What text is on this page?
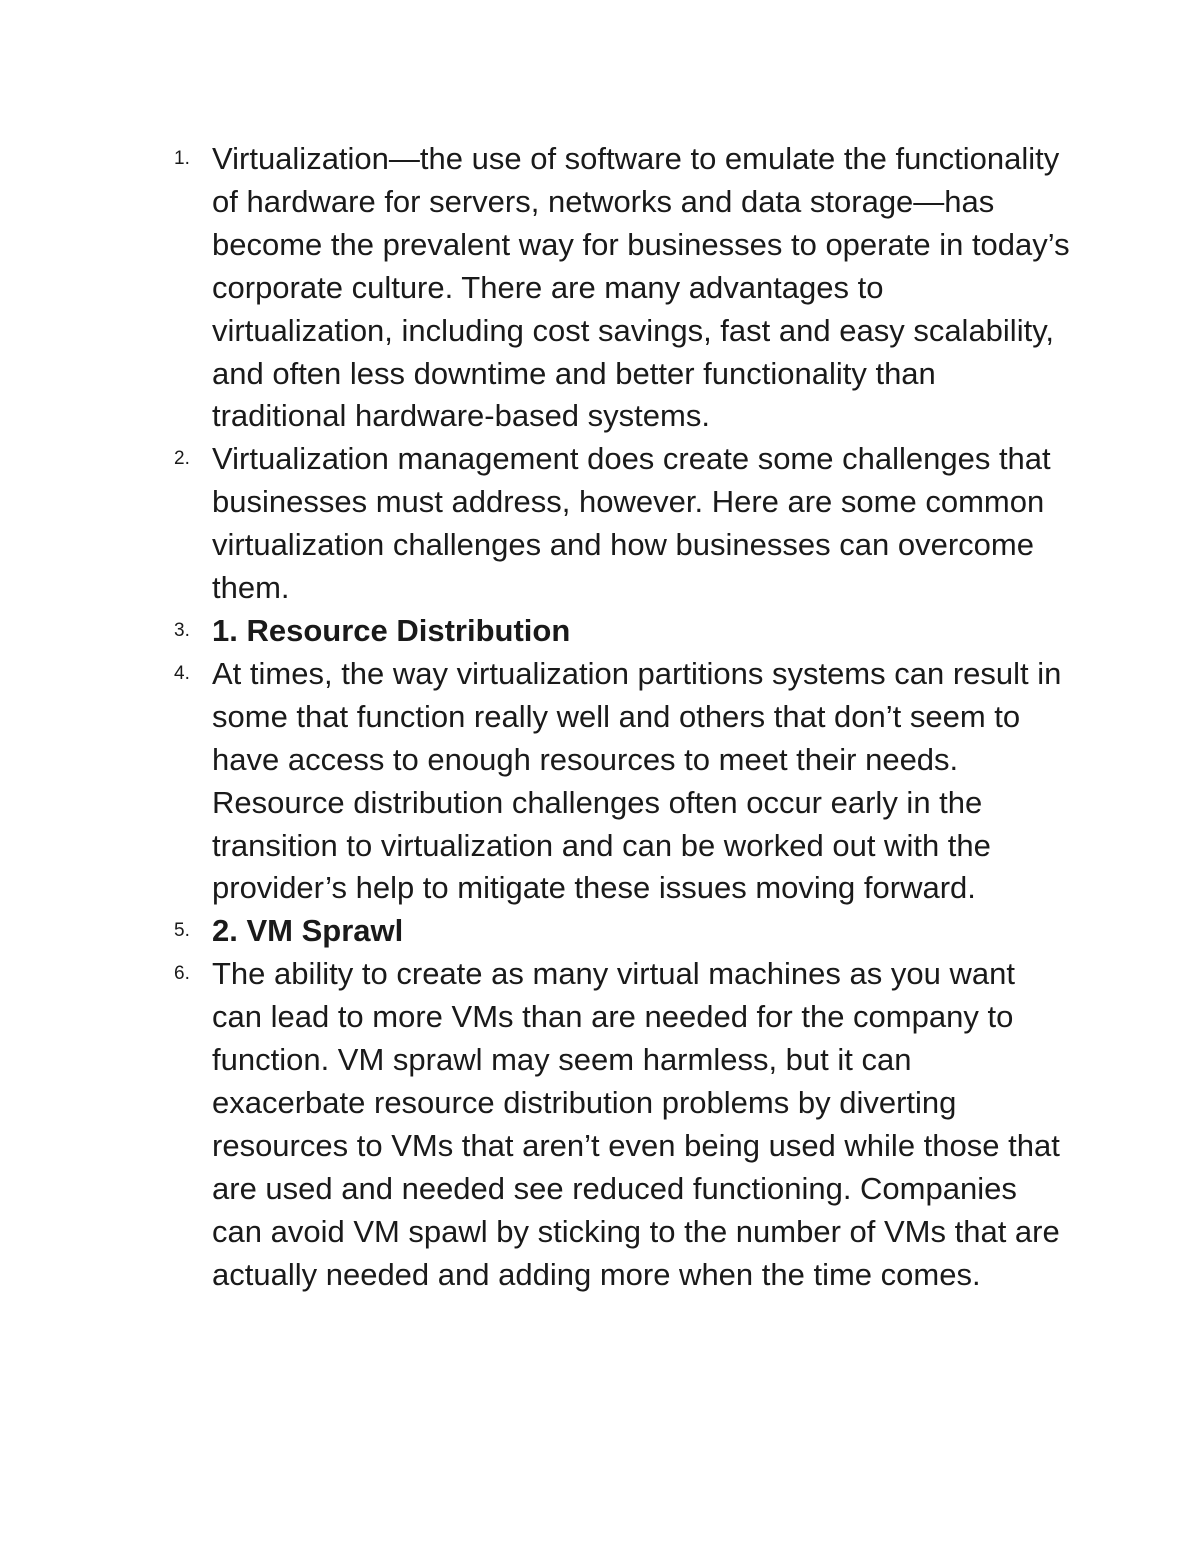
1. Virtualization—the use of software to emulate the functionality of hardware for servers, networks and data storage—has become the prevalent way for businesses to operate in today’s corporate culture. There are many advantages to virtualization, including cost savings, fast and easy scalability, and often less downtime and better functionality than traditional hardware-based systems.
2. Virtualization management does create some challenges that businesses must address, however. Here are some common virtualization challenges and how businesses can overcome them.
3. 1. Resource Distribution
4. At times, the way virtualization partitions systems can result in some that function really well and others that don’t seem to have access to enough resources to meet their needs. Resource distribution challenges often occur early in the transition to virtualization and can be worked out with the provider’s help to mitigate these issues moving forward.
5. 2. VM Sprawl
6. The ability to create as many virtual machines as you want can lead to more VMs than are needed for the company to function. VM sprawl may seem harmless, but it can exacerbate resource distribution problems by diverting resources to VMs that aren’t even being used while those that are used and needed see reduced functioning. Companies can avoid VM spawl by sticking to the number of VMs that are actually needed and adding more when the time comes.
